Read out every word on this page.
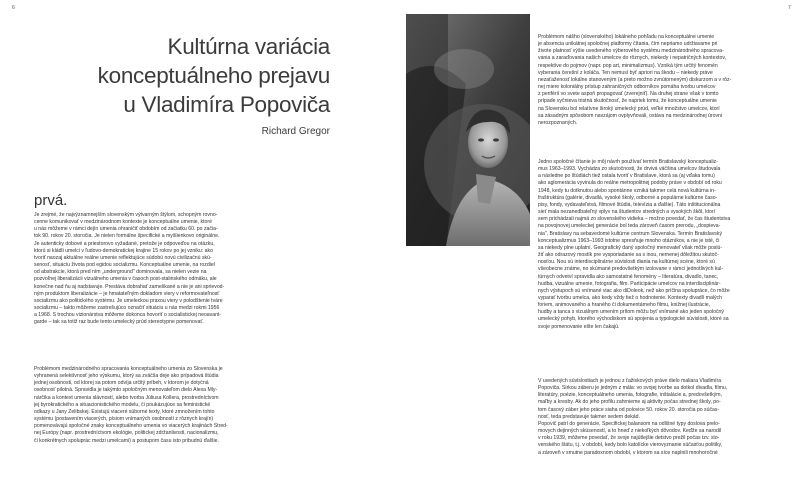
6	7
Kultúrna variácia
konceptuálneho prejavu
u Vladimíra Popoviča
Richard Gregor
prvá.
Je zrejmé, že najvýznamnejším slovenským výtvarným štýlom, schopným rovno-
cenne komunikovať v medzinárodnom kontexte je konceptuálne umenie, ktoré
u nás môžeme v rámci dejín umenia ohraničiť obdobím od začiatku 60. po začia-
tok 90. rokov 20. storočia. Je nielen formálne špecifické a myšlienkovo originálne.
Je autenticky dobové a priestorovo vyžadané, pretože je odpoveďou na otázku,
ktorú si kládli umelci v ľudovo-demokratickej krajine 15 rokov po jej vzniku: ako
tvoriť naozaj aktuálne reálne umenie reflektujúce súdobú novú civilizačnú skú-
senosť, situáciu života pod egidou socializmu. Konceptuálne umenie, na rozdiel
od abstrakcie, ktorá pred ním „underground" dominovala, sa nielen vezie na
pozvoľnej liberalizácii vizuálneho umenia v časoch post-stalinského odmäku, ale
konečne nad ňu aj nadstavuje. Prestáva dobrahať zameškané a nie je ani sprievod-
ným produktom liberalizácie – je hmatateľným dokladom viery v reformovateľnosť
socializmu ako politického systému. Je umeleckou praxou viery v polodštenie tváre
socializmu – takto môžeme zastrešujúco označiť situáciu u nás medzi rokmi 1956
a 1968. S trochou vizionárstva môžeme dokonca hovoriť o socialistickej neoavant-
garde – tak sa totiž raz bude tento umelecký prúd stereotypne pomenovať.
Problémom medzinárodného spracovania konceptuálneho umenia zo Slovenska je
vyhranená selektívnosť jeho výskumu, ktorý sa zväčša deje ako prípadová štúdia
jednej osobnosti, od ktorej sa potom odvíja určitý príbeh, v ktorom je dotyčná
osobnosť pilotná. Spravidla je takýmto spoločným menovateľom dielo Alexa Mly-
nárčika a kontext umenia slávností, alebo tvorba Júliusa Kollera, prostredníctvom
jej byrokratického a situacionistického modelu, či poukázujúce sa feministické
odkazy u Jany Želibskej. Existujú viaceré súborné texty, ktoré zmnožením tohto
systému (postavením viacerých, písiom vnímaných osobností z rôznych krajín)
pomenovávajú spoločné znaky konceptuálneho umenia vo viacerých krajinách Stred-
nej Európy (napr. prostredníctvom ekológie, politickej zdržanlivosti, nacionalizmu,
či konkrétnych spoluprác medzi umelcami) a postupom času isto pribudnú ďalšie.
Problémom nášho (slovenského) lokálneho pohľadu na konceptuálne umenie
je absencia unikátnej spoločnej platformy čítania, čím nepriamo udržiavame pri
živote platnosť výšie uvedeného výberového systému medzinárodného spracova-
vania a zaraďovania našich umelcov do rôznych, niekedy i nepatričných kontextov,
respektíve do pojmov (napr. pop art, minimalizmus). Vzniká tým určitý fenomén
vyberania čerešní z koláča. Ten nemusí byť apriori na škodu – niekedy práve
nezaťaženosť lokálne stanoveným (a preto možno zvnútorneným) diskurzom a v rôz-
nej miere koloniálny prístup zahraničných odborníkov pomáha tvorbu umelcov
z periférií vo svete aspoň propagovať (zverejniť). Na druhej strane však v tomto
prípade vyčnieva tristná skutočnosť, že napriek tomu, že konceptuálne umenie
na Slovensku bol relatívne široký umelecký prúd, veľké množstvo umelcov, ktorí
sa zásadným spôsobom navzájom ovplyvňovali, ostáva na medzinárodnej úrovni
nerozpoznaných.
Jedno spoločné čítanie je môj návrh používať termín Bratislavský konceptualiz-
mus 1963–1993. Vychádza zo skutočnosti, že drvivá väčšina umelcov študovala
a následne po štúdiách tiež ostala tvoriť v Bratislave, ktorá sa (aj vďaka tomu)
ako aglomerácia vyvinula do reálne metropolitnej podoby práve v období od roku
1948, kedy tu dotknutou alebo spontánne vzniká takmer celá nová kultúrna in-
fraštruktúra (galérie, divadlá, vysoké školy, odborné a populárne kultúrne časo-
pisy, fondy, vydavateľstvá, filmové štúdiá, televízia a ďalšie). Táto inštitucionálna
sieť mala nezanedbateľný vplyv na študentov stredných a vysokých škôl, ktorí
sem prichádzali najmä zo slovenského vidieka – možno povedať, že čas študentstva
na povojnovej umeleckej generácie bol teda zároveň časom prerodu, „dospieva-
nia", Bratislavy na sebavedomé kultúrne centrum Slovenska. Termín Bratislavský
konceptualizmus 1963–1993 istotne spresňuje mnoho otázníkov, a nie je isté, či
sa niekedy plne uplatní. Geografický daný spoločný menovateľ však môže poslú-
žiť ako odrazový mostík pre vysporiadanie sa s inou, nemenej dôležitou skutoč-
nosťou. Ňou sú interdisciplinárne súvislosti diania na kultúrnej scéne, ktoré sú
všeobecne známe, no skúmané predovšetkým izolovane v rámci jednotlivých kul-
túrnych odvetví spravidla ako samostatné fenomény – literatúra, divadlo, tanec,
hudba, vizuálne umenie, fotografia, film. Participácie umelcov na interdisciplinár-
nych výstupoch sú vnímané viac ako diDoleok, než ako príčina spolupráce, čo môže
vyparať tvorbu umelca, ako kedy vždy tiež o hodnotenie. Kontexty divadlí malých
foriem, animovaného a hraného či dokumentárneho filmu, knižnej ilustrácie,
hudby a tanca s vizuálnym umením prítom môžu byť vnímané ako jeden spoločný
umelecký pohyb, ktorého východiskom sú spojenia a typologické súvislosti, ktoré sa
svoje pomenovanie ešte len čakajú.
V uvedených súvislostiach je jednou z ťažiskových práve dielo maliara Vladimíra
Popoviča. Širkou záberu je jedným z mála: vo svojej tvorbe sa dotkol divadla, filmu,
literatúry, poézie, konceptuálneho umenia, fotografie, inštalácie a, predovšetkým,
maľby a kresby. Ak do jeho profilu zahrnieme aj aktivity počas strednej školy, po-
tom časový záber jeho práce siaha od polovice 50. rokov 20. storočia po súčas-
nosť, teda predstavuje takmer sedem dekád.
Popovič patrí do generácie, Specifickej balansom na odlišné typy doslova prelo-
movych dejinných skúseností, a to hneď z niekoľkých dôvodov. Keďže sa narodil
v roku 1939, môžeme povedať, že svoje najútlejšie detstvo prežil počas tzv. slo-
venského štátu, t.j. v období, kedy bolo katolícke vierovyznanie súčasťou politiky,
a zároveň v smutne paradoxnom období, v ktorom sa síce naplnili mnohoročné
